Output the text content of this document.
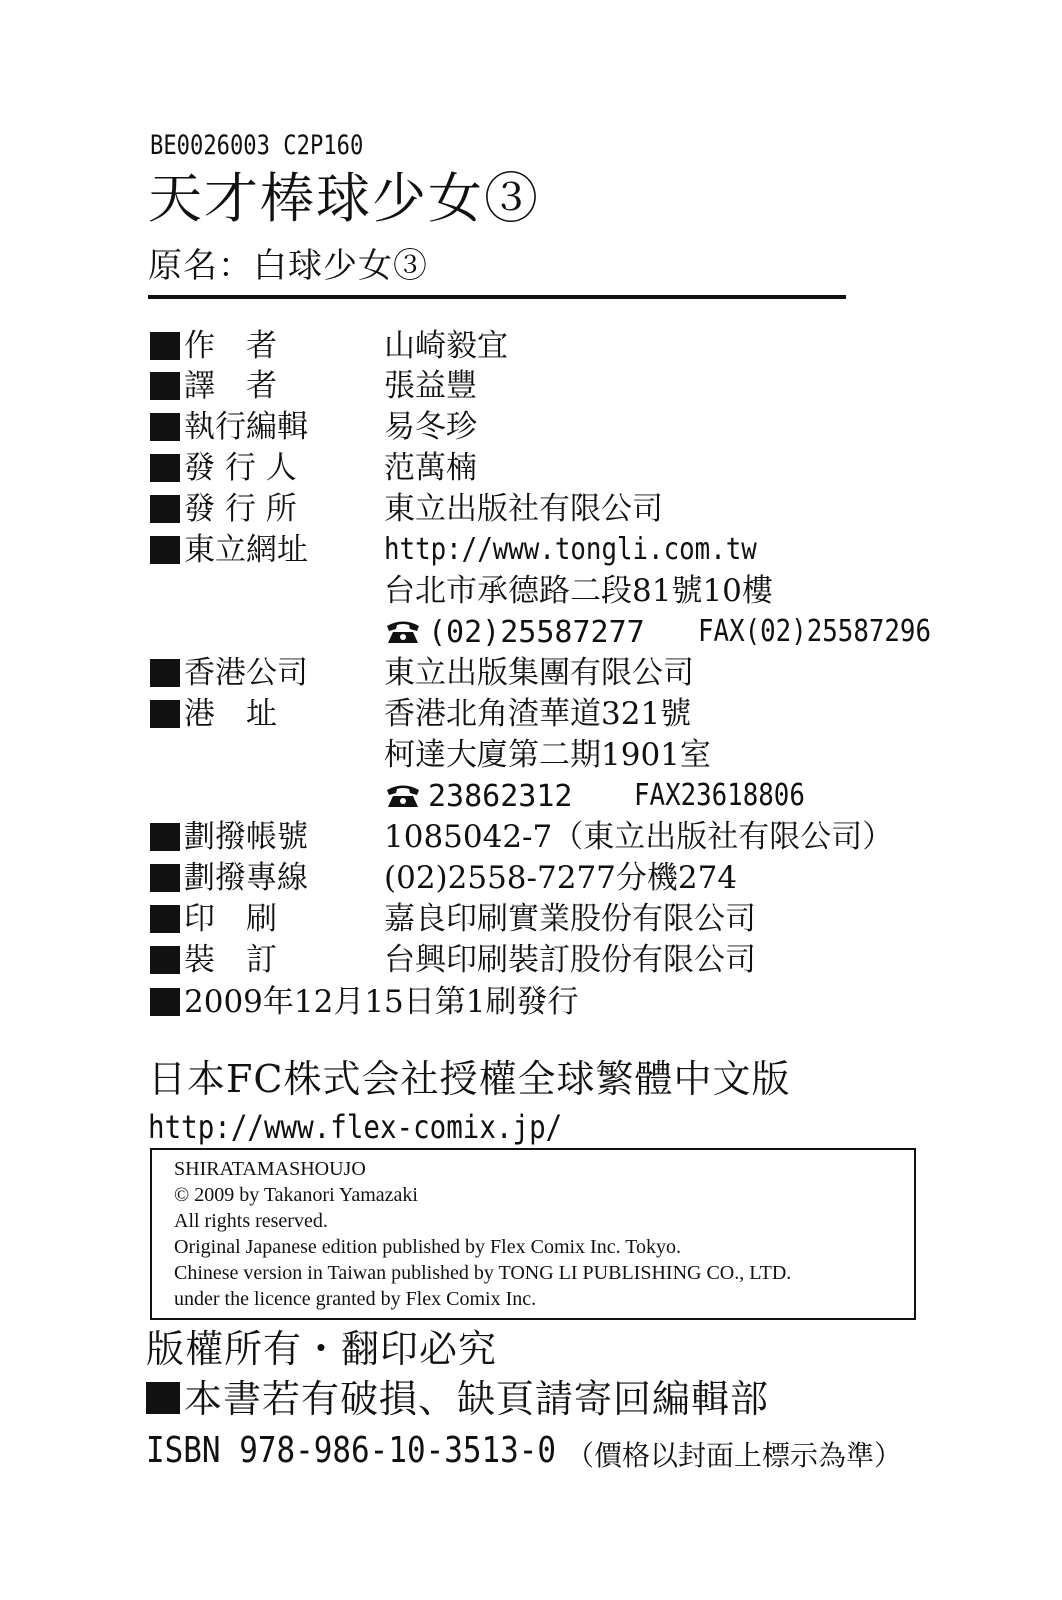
BE0026003 C2P160
天才棒球少女③
原名：白球少女③
作　者	山崎毅宜
譯　者	張益豐
執行編輯	易冬珍
發 行 人	范萬楠
發 行 所	東立出版社有限公司
東立網址	http://www.tongli.com.tw
台北市承德路二段81號10樓
(02)25587277 FAX(02)25587296
香港公司	東立出版集團有限公司
港　址	香港北角渣華道321號
柯達大廈第二期1901室
23862312 FAX23618806
劃撥帳號	1085042-7（東立出版社有限公司）
劃撥專線	(02)2558-7277分機274
印　刷	嘉良印刷實業股份有限公司
裝　訂	台興印刷裝訂股份有限公司
2009年12月15日第1刷發行
日本FC株式会社授權全球繁體中文版
http://www.flex-comix.jp/
SHIRATAMASHOUJO
© 2009 by Takanori Yamazaki
All rights reserved.
Original Japanese edition published by Flex Comix Inc. Tokyo.
Chinese version in Taiwan published by TONG LI PUBLISHING CO., LTD.
under the licence granted by Flex Comix Inc.
版權所有・翻印必究
本書若有破損、缺頁請寄回編輯部
ISBN 978-986-10-3513-0 （價格以封面上標示為準）
